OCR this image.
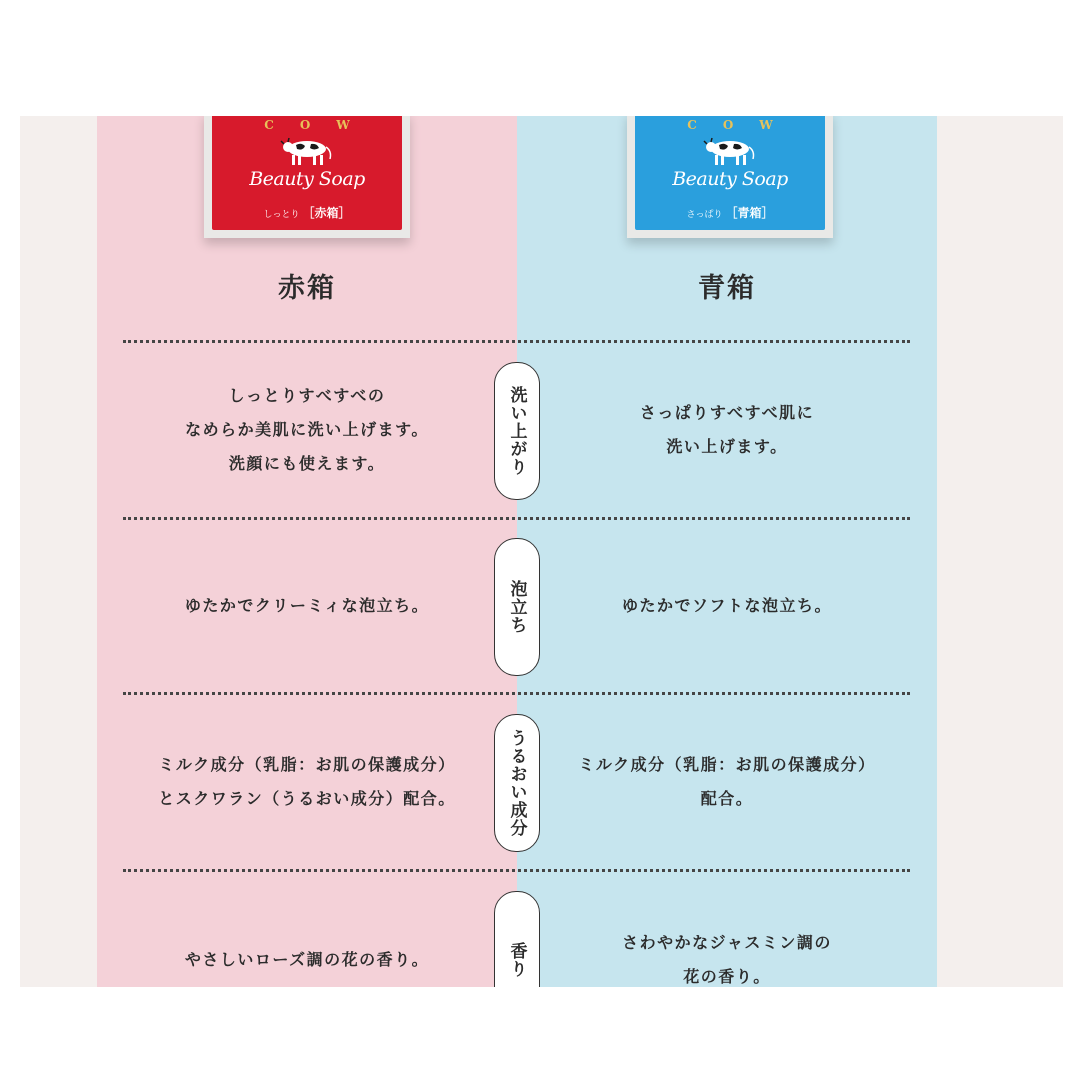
C O W
Beauty Soap
しっとり ［赤箱］
赤箱
C O W
Beauty Soap
さっぱり ［青箱］
青箱
しっとりすべすべの
なめらか美肌に洗い上げます。
洗顔にも使えます。
さっぱりすべすべ肌に
洗い上げます。
洗い上がり
ゆたかでクリーミィな泡立ち。	ゆたかでソフトな泡立ち。
泡立ち
ミルク成分（乳脂：お肌の保護成分）
とスクワラン（うるおい成分）配合。
ミルク成分（乳脂：お肌の保護成分）
配合。
うるおい成分
やさしいローズ調の花の香り。
さわやかなジャスミン調の
花の香り。
香り
